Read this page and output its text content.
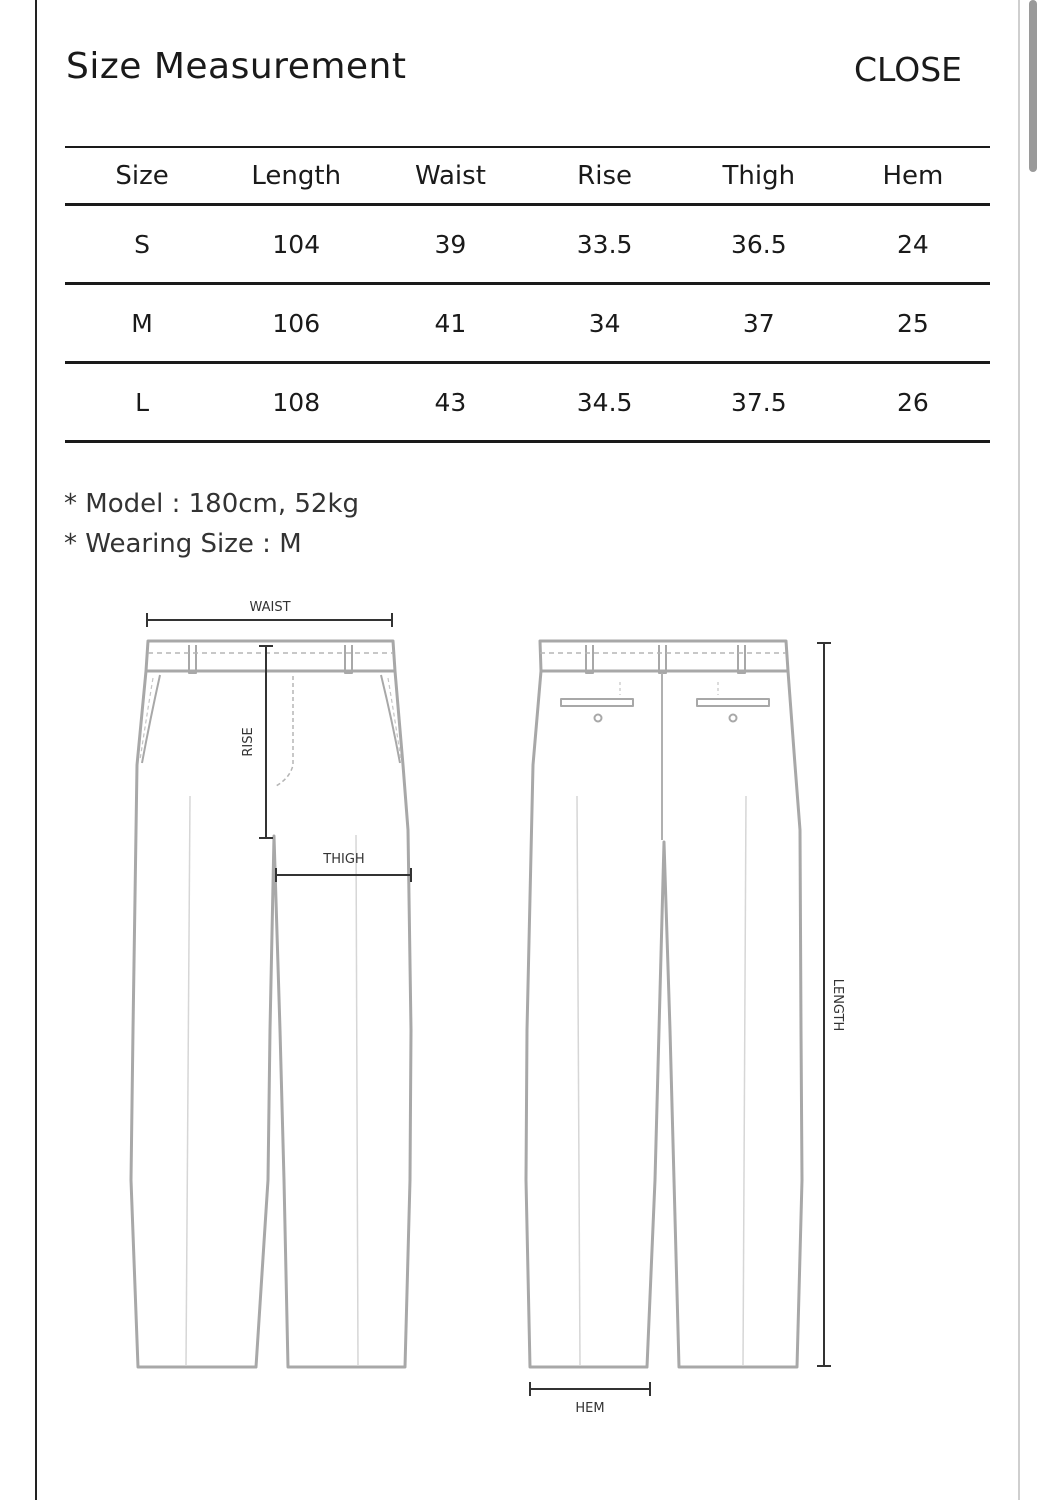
Size Measurement	CLOSE
Size	Length	Waist	Rise	Thigh	Hem
S	104	39	33.5	36.5	24
M	106	41	34	37	25
L	108	43	34.5	37.5	26
* Model : 180cm, 52kg
* Wearing Size : M
WAIST
THIGH
HEM
RISE
LENGTH
